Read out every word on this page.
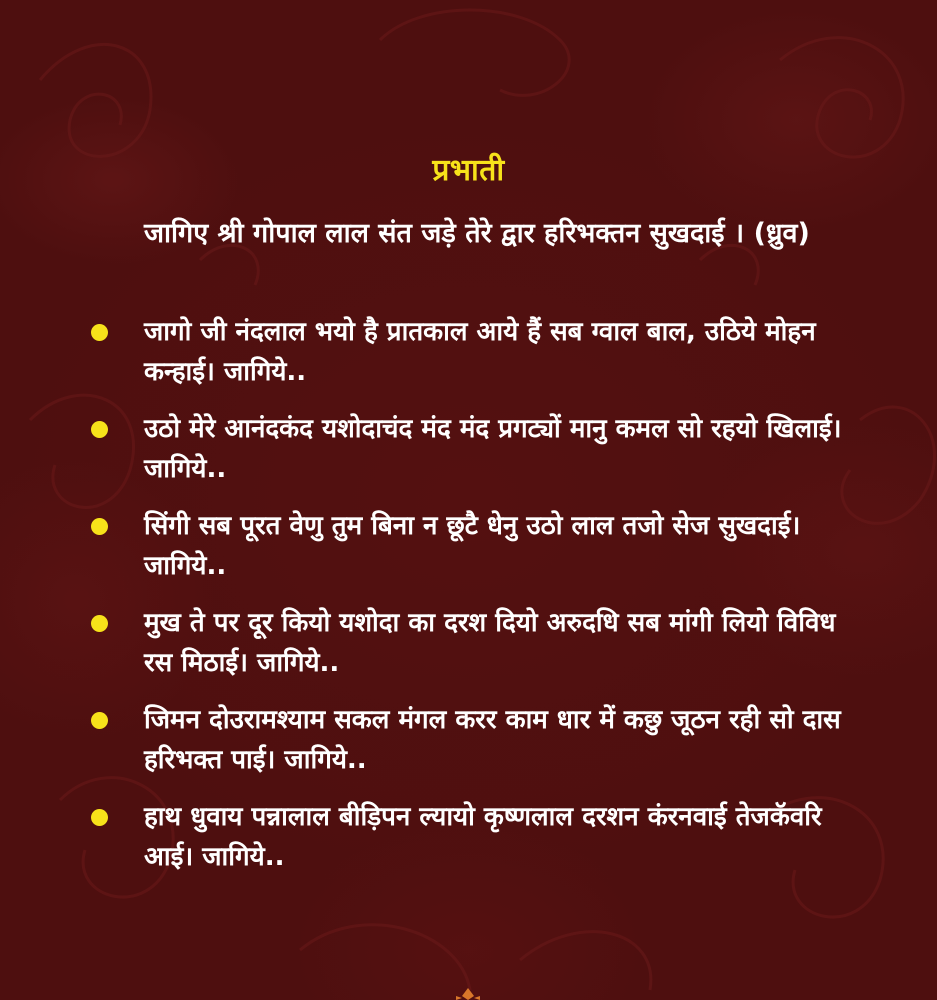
प्रभाती
जागिए श्री गोपाल लाल संत जड़े तेरे द्वार हरिभक्तन सुखदाई । (ध्रुव)
जागो जी नंदलाल भयो है प्रातकाल आये हैं सब ग्वाल बाल, उठिये मोहन कन्हाई। जागिये..
उठो मेरे आनंदकंद यशोदाचंद मंद मंद प्रगट्यों मानु कमल सो रहयो खिलाई। जागिये..
सिंगी सब पूरत वेणु तुम बिना न छूटै धेनु उठो लाल तजो सेज सुखदाई। जागिये..
मुख ते पर दूर कियो यशोदा का दरश दियो अरुदधि सब मांगी लियो विविध रस मिठाई। जागिये..
जिमन दोउरामश्याम सकल मंगल करर काम धार में कछु जूठन रही सो दास हरिभक्त पाई। जागिये..
हाथ धुवाय पन्नालाल बीड़िपन ल्यायो कृष्णलाल दरशन कंरनवाई तेजकॅवरि आई। जागिये..
